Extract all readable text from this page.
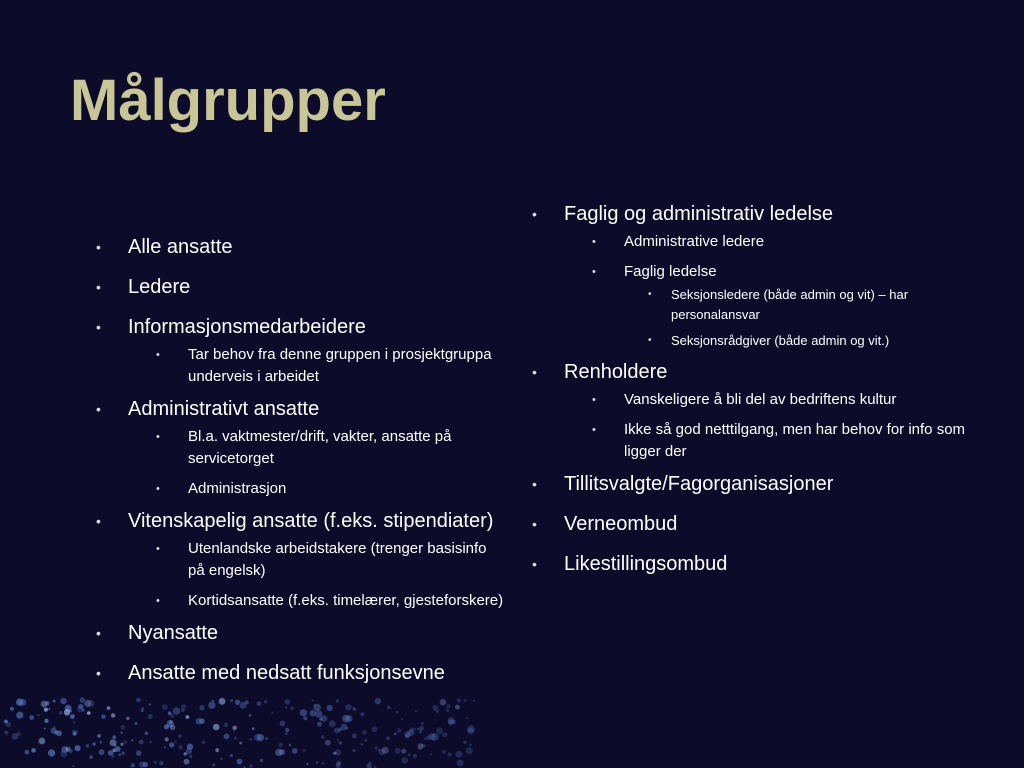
Målgrupper
• Alle ansatte
• Ledere
• Informasjonsmedarbeidere
• Tar behov fra denne gruppen i prosjektgruppa underveis i arbeidet
• Administrativt ansatte
• Bl.a. vaktmester/drift, vakter, ansatte på servicetorget
• Administrasjon
• Vitenskapelig ansatte (f.eks. stipendiater)
• Utenlandske arbeidstakere (trenger basisinfo på engelsk)
• Kortidsansatte (f.eks. timelærer, gjesteforskere)
• Nyansatte
• Ansatte med nedsatt funksjonsevne
• Faglig og administrativ ledelse
• Administrative ledere
• Faglig ledelse
• Seksjonsledere (både admin og vit) – har personalansvar
• Seksjonsrådgiver (både admin og vit.)
• Renholdere
• Vanskeligere å bli del av bedriftens kultur
• Ikke så god netttilgang, men har behov for info som ligger der
• Tillitsvalgte/Fagorganisasjoner
• Verneombud
• Likestillingsombud
